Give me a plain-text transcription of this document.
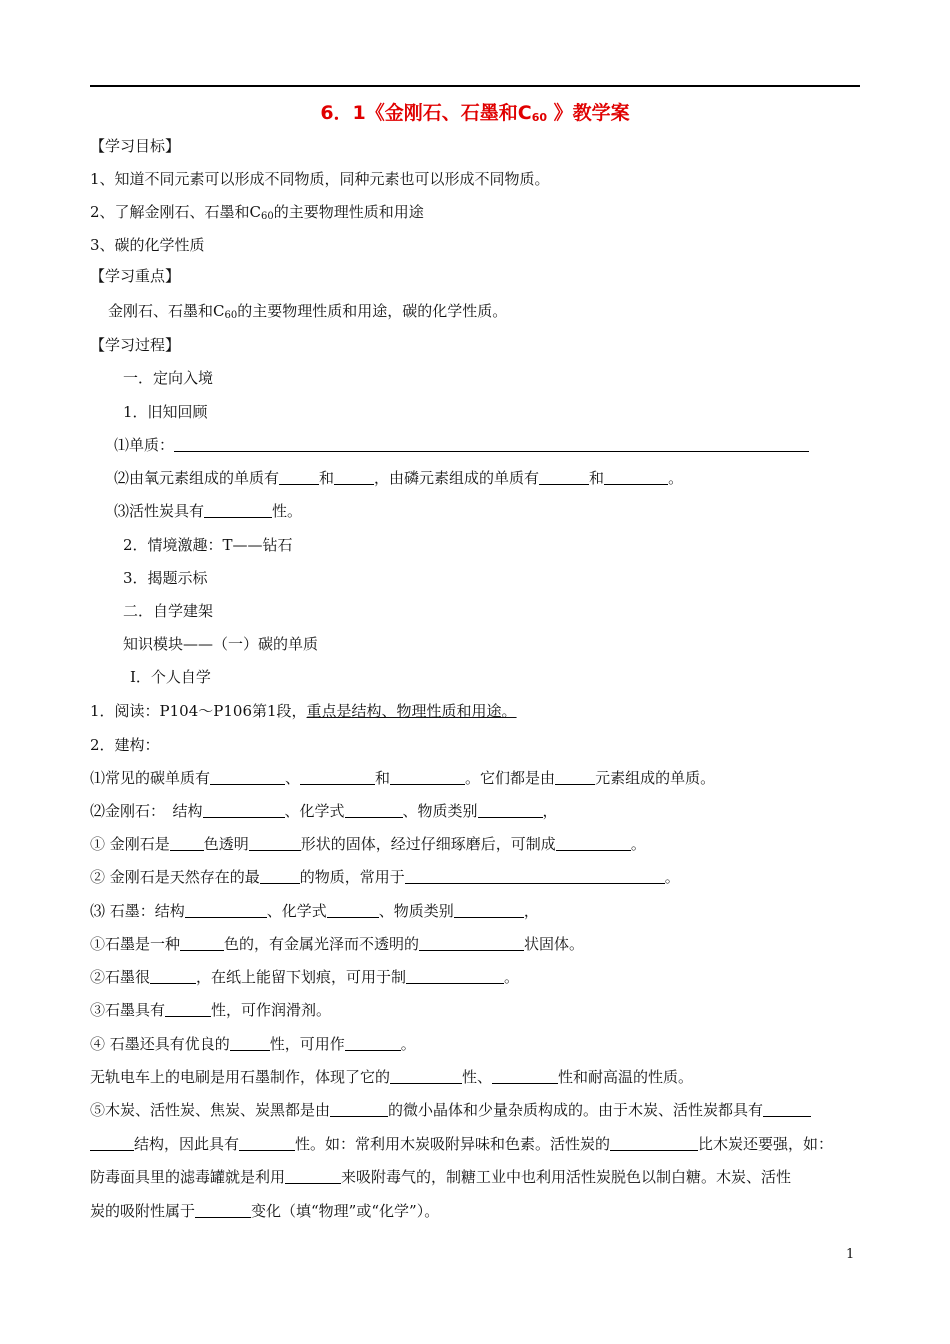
6．1《金刚石、石墨和$C_{60}$ 》教学案
【学习目标】
1、知道不同元素可以形成不同物质，同种元素也可以形成不同物质。
2、了解金刚石、石墨和$C_{60}$的主要物理性质和用途
3、碳的化学性质
【学习重点】
金刚石、石墨和$C_{60}$的主要物理性质和用途，碳的化学性质。
【学习过程】
一．定向入境
1．旧知回顾
⑴单质：
⑵由氧元素组成的单质有	和	，由磷元素组成的单质有	和	。
⑶活性炭具有	性。
2．情境激趣：T——钻石
3．揭题示标
二．自学建架
知识模块——（一）碳的单质
Ⅰ．个人自学
1．阅读：P104～P106第1段，重点是结构、物理性质和用途。
2．建构：
⑴常见的碳单质有	、	和	。它们都是由	元素组成的单质。
⑵金刚石：　结构	、化学式	、物质类别	，
① 金刚石是 色透明	形状的固体，经过仔细琢磨后，可制成	。
② 金刚石是天然存在的最	的物质，常用于	。
⑶ 石墨：结构	、化学式	、物质类别	，
①石墨是一种	色的，有金属光泽而不透明的	状固体。
②石墨很	，在纸上能留下划痕，可用于制	。
③石墨具有	性，可作润滑剂。
④ 石墨还具有优良的	性，可用作	。
无轨电车上的电刷是用石墨制作，体现了它的	性、	性和耐高温的性质。
⑤木炭、活性炭、焦炭、炭黑都是由	的微小晶体和少量杂质构成的。由于木炭、活性炭都具有
结构，因此具有	性。如：常利用木炭吸附异味和色素。活性炭的	比木炭还要强，如：
防毒面具里的滤毒罐就是利用	来吸附毒气的，制糖工业中也利用活性炭脱色以制白糖。木炭、活性
炭的吸附性属于	变化（填“物理”或“化学”）。
1
